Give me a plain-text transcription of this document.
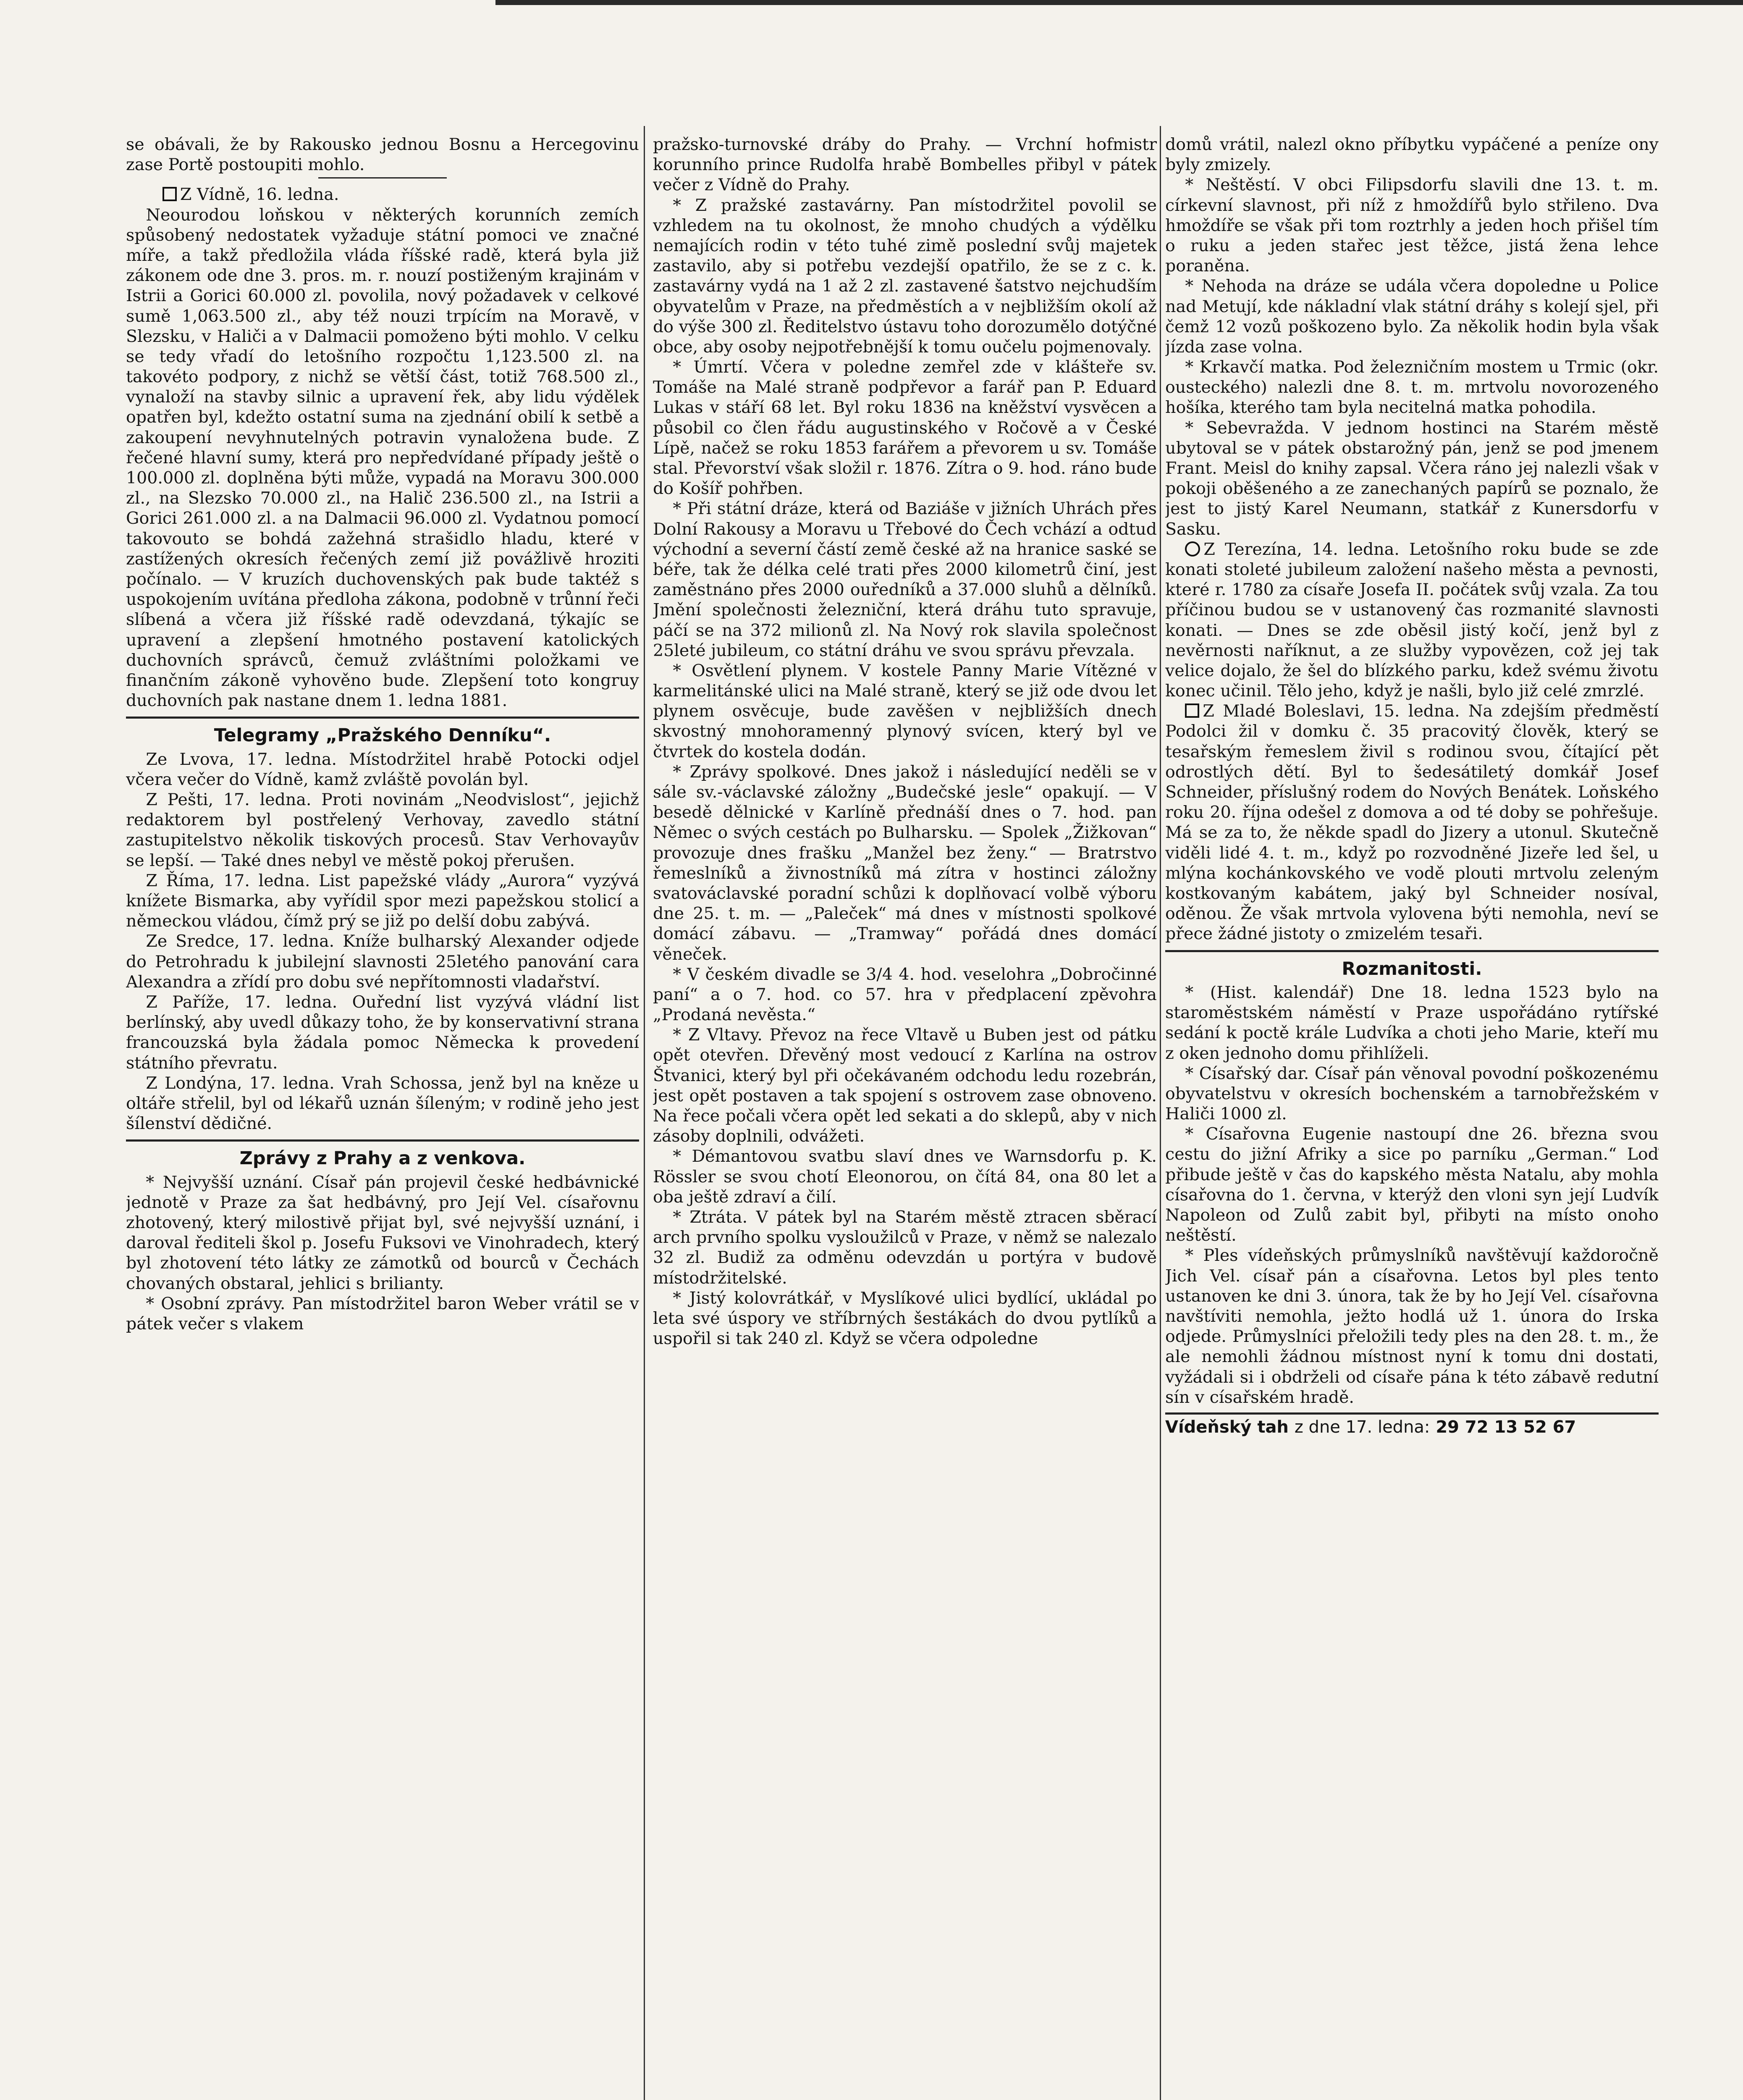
se obávali, že by Rakousko jednou Bosnu a Hercegovinu zase Portě postoupiti mohlo.

Z Vídně, 16. ledna.

Neourodou loňskou v některých korunních zemích spůsobený nedostatek vyžaduje státní pomoci ve značné míře, a takž předložila vláda říšské radě, která byla již zákonem ode dne 3. pros. m. r. nouzí postiženým krajinám v Istrii a Gorici 60.000 zl. povolila, nový požadavek v celkové sumě 1,063.500 zl., aby též nouzi trpícím na Moravě, v Slezsku, v Haliči a v Dalmacii pomoženo býti mohlo. V celku se tedy vřadí do letošního rozpočtu 1,123.500 zl. na takovéto podpory, z nichž se větší část, totiž 768.500 zl., vynaloží na stavby silnic a upravení řek, aby lidu výdělek opatřen byl, kdežto ostatní suma na zjednání obilí k setbě a zakoupení nevyhnutelných potravin vynaložena bude. Z řečené hlavní sumy, která pro nepředvídané případy ještě o 100.000 zl. doplněna býti může, vypadá na Moravu 300.000 zl., na Slezsko 70.000 zl., na Halič 236.500 zl., na Istrii a Gorici 261.000 zl. a na Dalmacii 96.000 zl. Vydatnou pomocí takovouto se bohdá zažehná strašidlo hladu, které v zastížených okresích řečených zemí již povážlivě hroziti počínalo. — V kruzích duchovenských pak bude taktéž s uspokojením uvítána předloha zákona, podobně v trůnní řeči slíbená a včera již říšské radě odevzdaná, týkajíc se upravení a zlepšení hmotného postavení katolických duchovních správců, čemuž zvláštními položkami ve finančním zákoně vyhověno bude. Zlepšení toto kongruy duchovních pak nastane dnem 1. ledna 1881.

Telegramy „Pražského Denníku“.

Ze Lvova, 17. ledna. Místodržitel hrabě Potocki odjel včera večer do Vídně, kamž zvláště povolán byl.

Z Pešti, 17. ledna. Proti novinám „Neodvislost“, jejichž redaktorem byl postřelený Verhovay, zavedlo státní zastupitelstvo několik tiskových procesů. Stav Verhovayův se lepší. — Také dnes nebyl ve městě pokoj přerušen.

Z Říma, 17. ledna. List papežské vlády „Aurora“ vyzývá knížete Bismarka, aby vyřídil spor mezi papežskou stolicí a německou vládou, čímž prý se již po delší dobu zabývá.

Ze Sredce, 17. ledna. Kníže bulharský Alexander odjede do Petrohradu k jubilejní slavnosti 25letého panování cara Alexandra a zřídí pro dobu své nepřítomnosti vladařství.

Z Paříže, 17. ledna. Ouřední list vyzývá vládní list berlínský, aby uvedl důkazy toho, že by konservativní strana francouzská byla žádala pomoc Německa k provedení státního převratu.

Z Londýna, 17. ledna. Vrah Schossa, jenž byl na kněze u oltáře střelil, byl od lékařů uznán šíleným; v rodině jeho jest šílenství dědičné.

Zprávy z Prahy a z venkova.

* Nejvyšší uznání. Císař pán projevil české hedbávnické jednotě v Praze za šat hedbávný, pro Její Vel. císařovnu zhotovený, který milostivě přijat byl, své nejvyšší uznání, i daroval řediteli škol p. Josefu Fuksovi ve Vinohradech, který byl zhotovení této látky ze zámotků od bourců v Čechách chovaných obstaral, jehlici s brilianty.

* Osobní zprávy. Pan místodržitel baron Weber vrátil se v pátek večer s vlakem

pražsko-turnovské dráby do Prahy. — Vrchní hofmistr korunního prince Rudolfa hrabě Bombelles přibyl v pátek večer z Vídně do Prahy.

* Z pražské zastavárny. Pan místodržitel povolil se vzhledem na tu okolnost, že mnoho chudých a výdělku nemajících rodin v této tuhé zimě poslední svůj majetek zastavilo, aby si potřebu vezdejší opatřilo, že se z c. k. zastavárny vydá na 1 až 2 zl. zastavené šatstvo nejchudším obyvatelům v Praze, na předměstích a v nejbližším okolí až do výše 300 zl. Ředitelstvo ústavu toho dorozumělo dotýčné obce, aby osoby nejpotřebnější k tomu oučelu pojmenovaly.

* Úmrtí. Včera v poledne zemřel zde v klášteře sv. Tomáše na Malé straně podpřevor a farář pan P. Eduard Lukas v stáří 68 let. Byl roku 1836 na kněžství vysvěcen a působil co člen řádu augustinského v Ročově a v České Lípě, načež se roku 1853 farářem a převorem u sv. Tomáše stal. Převorství však složil r. 1876. Zítra o 9. hod. ráno bude do Košíř pohřben.

* Při státní dráze, která od Baziáše v jižních Uhrách přes Dolní Rakousy a Moravu u Třebové do Čech vchází a odtud východní a severní částí země české až na hranice saské se béře, tak že délka celé trati přes 2000 kilometrů činí, jest zaměstnáno přes 2000 ouředníků a 37.000 sluhů a dělníků. Jmění společnosti železniční, která dráhu tuto spravuje, páčí se na 372 milionů zl. Na Nový rok slavila společnost 25leté jubileum, co státní dráhu ve svou správu převzala.

* Osvětlení plynem. V kostele Panny Marie Vítězné v karmelitánské ulici na Malé straně, který se již ode dvou let plynem osvěcuje, bude zavěšen v nejbližších dnech skvostný mnohoramenný plynový svícen, který byl ve čtvrtek do kostela dodán.

* Zprávy spolkové. Dnes jakož i následující neděli se v sále sv.-václavské záložny „Budečské jesle“ opakují. — V besedě dělnické v Karlíně přednáší dnes o 7. hod. pan Němec o svých cestách po Bulharsku. — Spolek „Žižkovan“ provozuje dnes frašku „Manžel bez ženy.“ — Bratrstvo řemeslníků a živnostníků má zítra v hostinci záložny svatováclavské poradní schůzi k doplňovací volbě výboru dne 25. t. m. — „Paleček“ má dnes v místnosti spolkové domácí zábavu. — „Tramway“ pořádá dnes domácí věneček.

* V českém divadle se 3/4 4. hod. veselohra „Dobročinné paní“ a o 7. hod. co 57. hra v předplacení zpěvohra „Prodaná nevěsta.“

* Z Vltavy. Převoz na řece Vltavě u Buben jest od pátku opět otevřen. Dřevěný most vedoucí z Karlína na ostrov Štvanici, který byl při očekávaném odchodu ledu rozebrán, jest opět postaven a tak spojení s ostrovem zase obnoveno. Na řece počali včera opět led sekati a do sklepů, aby v nich zásoby doplnili, odvážeti.

* Démantovou svatbu slaví dnes ve Warnsdorfu p. K. Rössler se svou chotí Eleonorou, on čítá 84, ona 80 let a oba ještě zdraví a čilí.

* Ztráta. V pátek byl na Starém městě ztracen sběrací arch prvního spolku vysloužilců v Praze, v němž se nalezalo 32 zl. Budiž za odměnu odevzdán u portýra v budově místodržitelské.

* Jistý kolovrátkář, v Myslíkové ulici bydlící, ukládal po leta své úspory ve stříbrných šestákách do dvou pytlíků a uspořil si tak 240 zl. Když se včera odpoledne

domů vrátil, nalezl okno příbytku vypáčené a peníze ony byly zmizely.

* Neštěstí. V obci Filipsdorfu slavili dne 13. t. m. církevní slavnost, při níž z hmoždířů bylo střileno. Dva hmoždíře se však při tom roztrhly a jeden hoch přišel tím o ruku a jeden stařec jest těžce, jistá žena lehce poraněna.

* Nehoda na dráze se udála včera dopoledne u Police nad Metují, kde nákladní vlak státní dráhy s kolejí sjel, při čemž 12 vozů poškozeno bylo. Za několik hodin byla však jízda zase volna.

* Krkavčí matka. Pod železničním mostem u Trmic (okr. ousteckého) nalezli dne 8. t. m. mrtvolu novorozeného hošíka, kterého tam byla necitelná matka pohodila.

* Sebevražda. V jednom hostinci na Starém městě ubytoval se v pátek obstarožný pán, jenž se pod jmenem Frant. Meisl do knihy zapsal. Včera ráno jej nalezli však v pokoji oběšeného a ze zanechaných papírů se poznalo, že jest to jistý Karel Neumann, statkář z Kunersdorfu v Sasku.

Z Terezína, 14. ledna. Letošního roku bude se zde konati stoleté jubileum založení našeho města a pevnosti, které r. 1780 za císaře Josefa II. počátek svůj vzala. Za tou příčinou budou se v ustanovený čas rozmanité slavnosti konati. — Dnes se zde oběsil jistý kočí, jenž byl z nevěrnosti naříknut, a ze služby vypovězen, což jej tak velice dojalo, že šel do blízkého parku, kdež svému životu konec učinil. Tělo jeho, když je našli, bylo již celé zmrzlé.

Z Mladé Boleslavi, 15. ledna. Na zdejším předměstí Podolci žil v domku č. 35 pracovitý člověk, který se tesařským řemeslem živil s rodinou svou, čítající pět odrostlých dětí. Byl to šedesátiletý domkář Josef Schneider, příslušný rodem do Nových Benátek. Loňského roku 20. října odešel z domova a od té doby se pohřešuje. Má se za to, že někde spadl do Jizery a utonul. Skutečně viděli lidé 4. t. m., když po rozvodněné Jizeře led šel, u mlýna kochánkovského ve vodě plouti mrtvolu zeleným kostkovaným kabátem, jaký byl Schneider nosíval, oděnou. Že však mrtvola vylovena býti nemohla, neví se přece žádné jistoty o zmizelém tesaři.

Rozmanitosti.

* (Hist. kalendář) Dne 18. ledna 1523 bylo na staroměstském náměstí v Praze uspořádáno rytířské sedání k poctě krále Ludvíka a choti jeho Marie, kteří mu z oken jednoho domu přihlíželi.

* Císařský dar. Císař pán věnoval povodní poškozenému obyvatelstvu v okresích bochenském a tarnobřežském v Haliči 1000 zl.

* Císařovna Eugenie nastoupí dne 26. března svou cestu do jižní Afriky a sice po parníku „German.“ Loď přibude ještě v čas do kapského města Natalu, aby mohla císařovna do 1. června, v kterýž den vloni syn její Ludvík Napoleon od Zulů zabit byl, přibyti na místo onoho neštěstí.

* Ples vídeňských průmyslníků navštěvují každoročně Jich Vel. císař pán a císařovna. Letos byl ples tento ustanoven ke dni 3. února, tak že by ho Její Vel. císařovna navštíviti nemohla, ježto hodlá už 1. února do Irska odjede. Průmyslníci přeložili tedy ples na den 28. t. m., že ale nemohli žádnou místnost nyní k tomu dni dostati, vyžádali si i obdrželi od císaře pána k této zábavě redutní sín v císařském hradě.

Vídeňský tah z dne 17. ledna: 29 72 13 52 67
